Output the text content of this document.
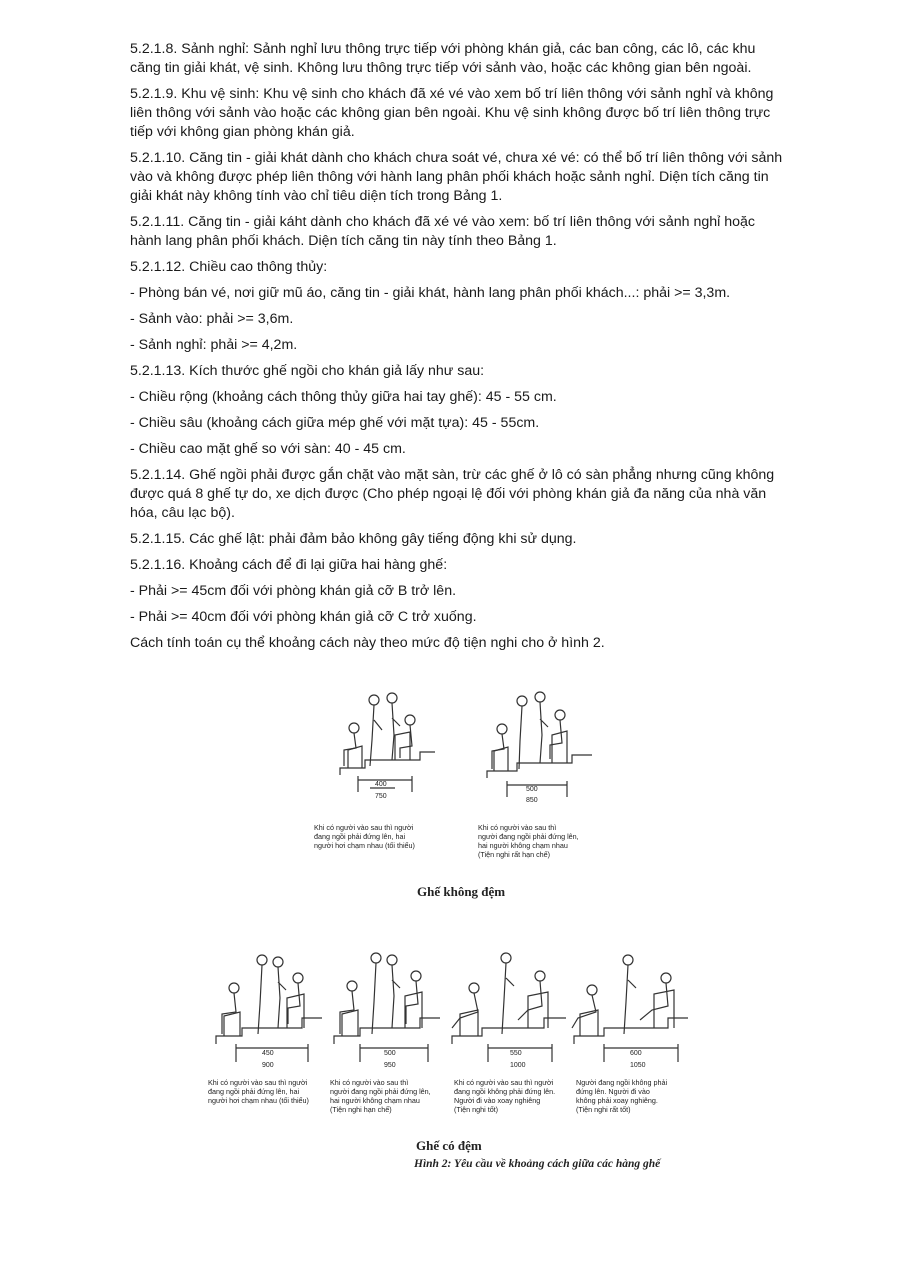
5.2.1.8. Sảnh nghỉ: Sảnh nghỉ lưu thông trực tiếp với phòng khán giả, các ban công, các lô, các khu căng tin giải khát, vệ sinh. Không lưu thông trực tiếp với sảnh vào, hoặc các không gian bên ngoài.

5.2.1.9. Khu vệ sinh: Khu vệ sinh cho khách đã xé vé vào xem bố trí liên thông với sảnh nghỉ và không liên thông với sảnh vào hoặc các không gian bên ngoài. Khu vệ sinh không được bố trí liên thông trực tiếp với không gian phòng khán giả.

5.2.1.10. Căng tin - giải khát dành cho khách chưa soát vé, chưa xé vé: có thể bố trí liên thông với sảnh vào và không được phép liên thông với hành lang phân phối khách hoặc sảnh nghỉ. Diện tích căng tin giải khát này không tính vào chỉ tiêu diện tích trong Bảng 1.

5.2.1.11. Căng tin - giải káht dành cho khách đã xé vé vào xem: bố trí liên thông với sảnh nghỉ hoặc hành lang phân phối khách. Diện tích căng tin này tính theo Bảng 1.

5.2.1.12. Chiều cao thông thủy:

- Phòng bán vé, nơi giữ mũ áo, căng tin - giải khát, hành lang phân phối khách...: phải >= 3,3m.

- Sảnh vào: phải >= 3,6m.

- Sảnh nghỉ: phải >= 4,2m.

5.2.1.13. Kích thước ghế ngồi cho khán giả lấy như sau:

- Chiều rộng (khoảng cách thông thủy giữa hai tay ghế): 45 - 55 cm.

- Chiều sâu (khoảng cách giữa mép ghế với mặt tựa): 45 - 55cm.

- Chiều cao mặt ghế so với sàn: 40 - 45 cm.

5.2.1.14. Ghế ngồi phải được gắn chặt vào mặt sàn, trừ các ghế ở lô có sàn phẳng nhưng cũng không được quá 8 ghế tự do, xe dịch được (Cho phép ngoại lệ đối với phòng khán giả đa năng của nhà văn hóa, câu lạc bộ).

5.2.1.15. Các ghế lật: phải đảm bảo không gây tiếng động khi sử dụng.

5.2.1.16. Khoảng cách để đi lại giữa hai hàng ghế:

- Phải >= 45cm đối với phòng khán giả cỡ B trở lên.

- Phải >= 40cm đối với phòng khán giả cỡ C trở xuống.

Cách tính toán cụ thể khoảng cách này theo mức độ tiện nghi cho ở hình 2.

400
750
Khi có người vào sau thì người
đang ngồi phải đứng lên, hai
người hơi chạm nhau (tối thiểu)
500
850
Khi có người vào sau thì
người đang ngồi phải đứng lên,
hai người không chạm nhau
(Tiện nghi rất hạn chế)
Ghế không đệm
450
900
Khi có người vào sau thì người
đang ngồi phải đứng lên, hai
người hơi chạm nhau (tối thiểu)
500
950
Khi có người vào sau thì
người đang ngồi phải đứng lên,
hai người không chạm nhau
(Tiện nghi hạn chế)
550
1000
Khi có người vào sau thì người
đang ngồi không phải đứng lên.
Người đi vào xoay nghiêng
(Tiện nghi tốt)
600
1050
Người đang ngồi không phải
đứng lên. Người đi vào
không phải xoay nghiêng.
(Tiện nghi rất tốt)
Ghế có đệm
Hình 2: Yêu cầu về khoảng cách giữa các hàng ghế
